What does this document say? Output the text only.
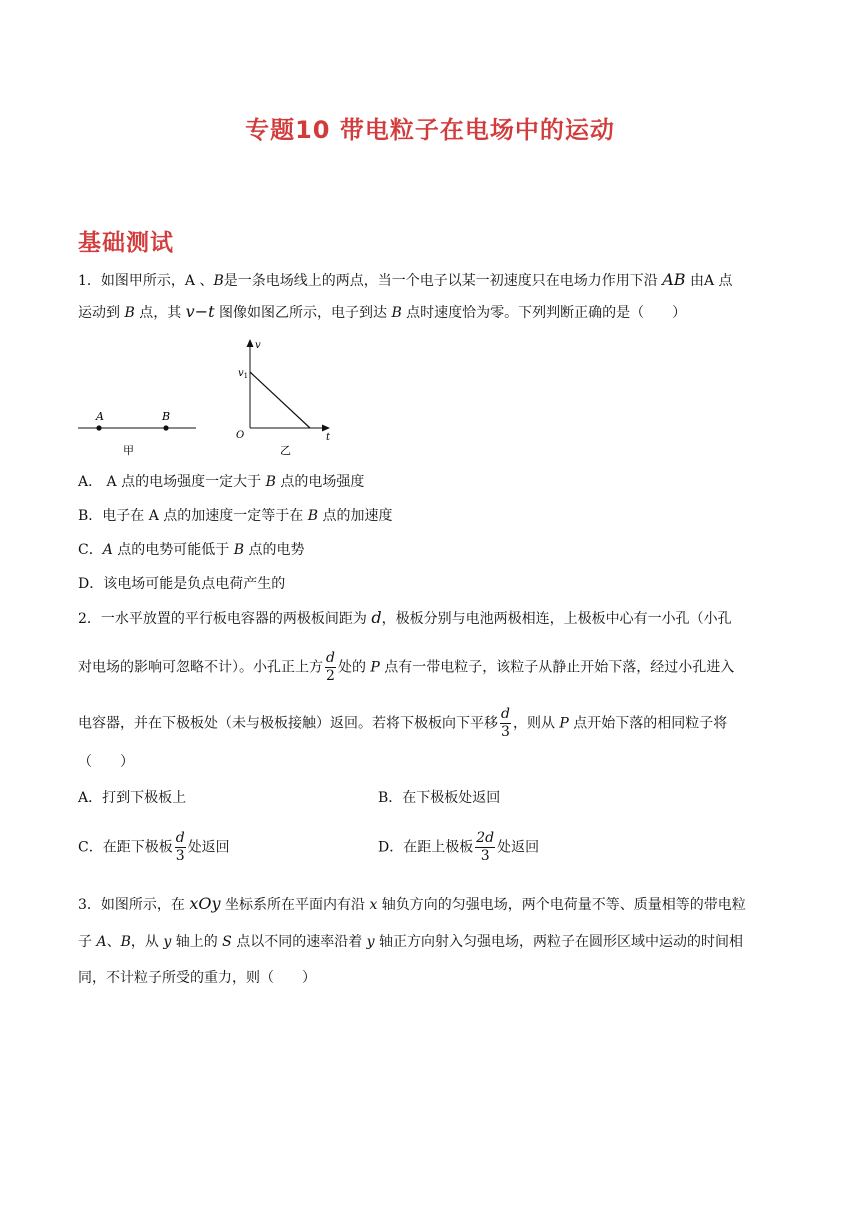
专题10 带电粒子在电场中的运动
基础测试
1．如图甲所示，A 、B是一条电场线上的两点，当一个电子以某一初速度只在电场力作用下沿 AB 由A 点
运动到 B 点，其 v−t 图像如图乙所示，电子到达 B 点时速度恰为零。下列判断正确的是（　　）
A	B
甲
v
$v_1$
O	t
乙
A． A 点的电场强度一定大于 B 点的电场强度
B．电子在 A 点的加速度一定等于在 B 点的加速度
C．A 点的电势可能低于 B 点的电势
D．该电场可能是负点电荷产生的
2．一水平放置的平行板电容器的两极板间距为 d，极板分别与电池两极相连，上极板中心有一小孔（小孔
对电场的影响可忽略不计）。小孔正上方 $\frac{d}{2}$ 处的 P 点有一带电粒子，该粒子从静止开始下落，经过小孔进入
电容器，并在下极板处（未与极板接触）返回。若将下极板向下平移 $\frac{d}{3}$ ，则从 P 点开始下落的相同粒子将
（　　）
A．打到下极板上	B．在下极板处返回
C．在距下极板 $\frac{d}{3}$ 处返回	D．在距上极板 $\frac{2d}{3}$ 处返回
3．如图所示，在 xOy 坐标系所在平面内有沿 x 轴负方向的匀强电场，两个电荷量不等、质量相等的带电粒
子 A、B，从 y 轴上的 S 点以不同的速率沿着 y 轴正方向射入匀强电场，两粒子在圆形区域中运动的时间相
同，不计粒子所受的重力，则（　　）
